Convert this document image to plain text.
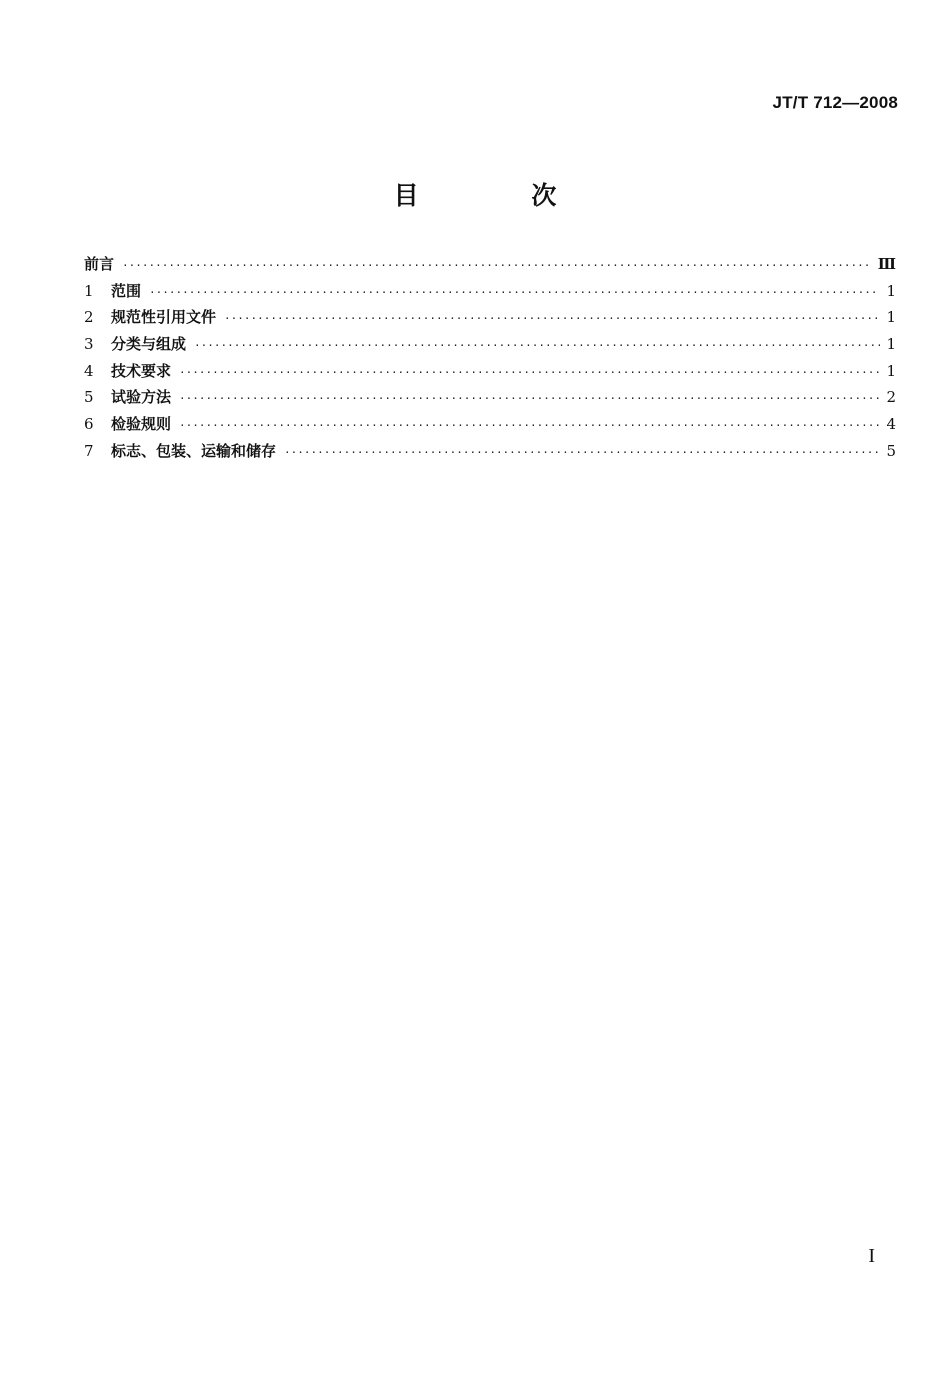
JT/T 712—2008
目 次
前言 ·····	Ⅲ
1	范围 ·····	1
2	规范性引用文件 ·····	1
3	分类与组成 ·····	1
4	技术要求 ·····	1
5	试验方法 ·····	2
6	检验规则 ·····	4
7	标志、包装、运输和储存 ·····	5
I
